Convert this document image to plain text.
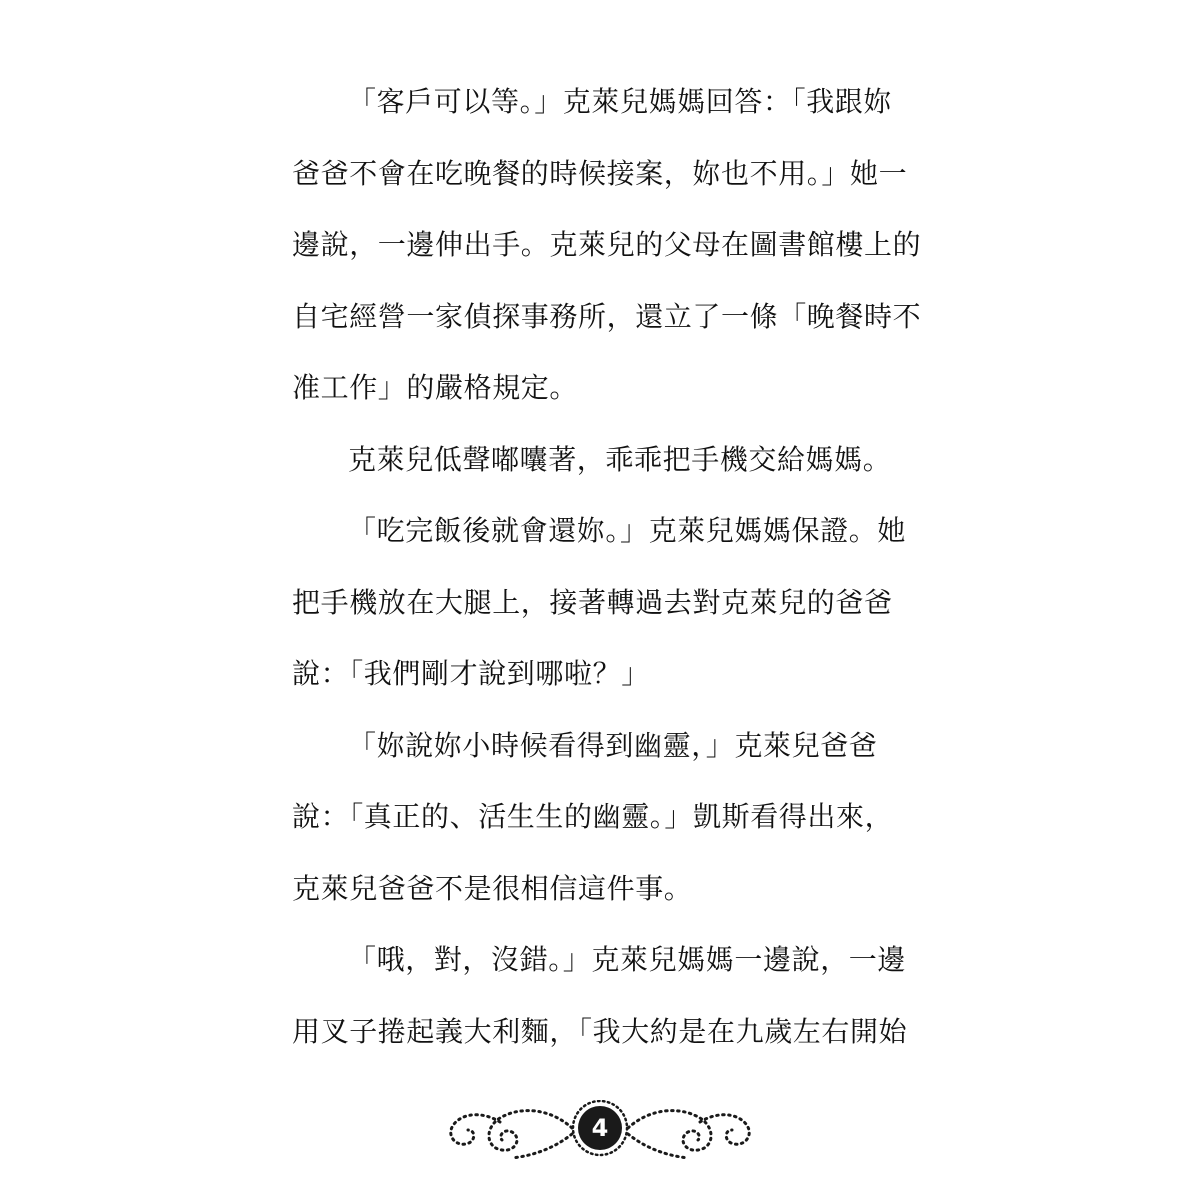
「客戶可以等。」克萊兒媽媽回答：「我跟妳
爸爸不會在吃晚餐的時候接案，妳也不用。」她一
邊說，一邊伸出手。克萊兒的父母在圖書館樓上的
自宅經營一家偵探事務所，還立了一條「晚餐時不
准工作」的嚴格規定。
克萊兒低聲嘟囔著，乖乖把手機交給媽媽。
「吃完飯後就會還妳。」克萊兒媽媽保證。她
把手機放在大腿上，接著轉過去對克萊兒的爸爸
說：「我們剛才說到哪啦？」
「妳說妳小時候看得到幽靈，」克萊兒爸爸
說：「真正的、活生生的幽靈。」凱斯看得出來，
克萊兒爸爸不是很相信這件事。
「哦，對，沒錯。」克萊兒媽媽一邊說，一邊
用叉子捲起義大利麵，「我大約是在九歲左右開始
4
